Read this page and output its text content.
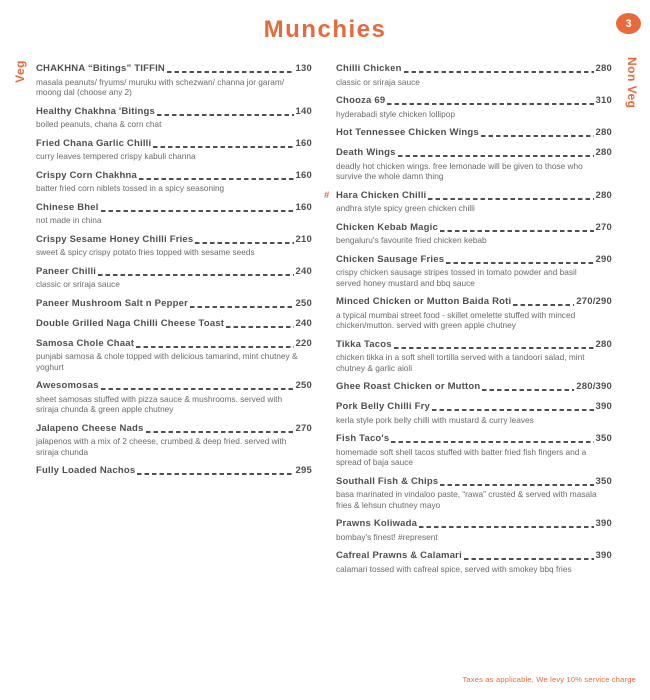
Munchies	3
Veg	Non Veg
CHAKHNA “Bitings” TIFFIN	130
masala peanuts/ fryums/ muruku with schezwan/ channa jor garam/ moong dal (choose any 2)
Healthy Chakhna 'Bitings	140
boiled peanuts, chana & corn chat
Fried Chana Garlic Chilli	160
curry leaves tempered crispy kabuli channa
Crispy Corn Chakhna	160
batter fried corn niblets tossed in a spicy seasoning
Chinese Bhel	160
not made in china
Crispy Sesame Honey Chilli Fries	210
sweet & spicy crispy potato fries topped with sesame seeds
Paneer Chilli	240
classic or sriraja sauce
Paneer Mushroom Salt n Pepper	250
Double Grilled Naga Chilli Cheese Toast	240
Samosa Chole Chaat	220
punjabi samosa & chole topped with delicious tamarind, mint chutney & yoghurt
Awesomosas	250
sheet samosas stuffed with pizza sauce & mushrooms. served with sriraja chunda & green apple chutney
Jalapeno Cheese Nads	270
jalapenos with a mix of 2 cheese, crumbed & deep fried. served with sriraja chunda
Fully Loaded Nachos	295
Chilli Chicken	280
classic or sriraja sauce
Chooza 69	310
hyderabadi style chicken lollipop
Hot Tennessee Chicken Wings	280
Death Wings	280
deadly hot chicken wings. free lemonade will be given to those who survive the whole damn thing
# Hara Chicken Chilli	280
andhra style spicy green chicken chilli
Chicken Kebab Magic	270
bengaluru's favourite fried chicken kebab
Chicken Sausage Fries	290
crispy chicken sausage stripes tossed in tomato powder and basil served honey mustard and bbq sauce
Minced Chicken or Mutton Baida Roti	270/290
a typical mumbai street food - skillet omelette stuffed with minced chicken/mutton. served with green apple chutney
Tikka Tacos	280
chicken tikka in a soft shell tortilla served with a tandoori salad, mint chutney & garlic aioli
Ghee Roast Chicken or Mutton	280/390
Pork Belly Chilli Fry	390
kerla style pork belly chilli with mustard & curry leaves
Fish Taco's	350
homemade soft shell tacos stuffed with batter fried fish fingers and a spread of baja sauce
Southall Fish & Chips	350
basa marinated in vindaloo paste, “rawa” crusted & served with masala fries & lehsun chutney mayo
Prawns Koliwada	390
bombay's finest! #represent
Cafreal Prawns & Calamari	390
calamari tossed with cafreal spice, served with smokey bbq fries
Taxes as applicable, We levy 10% service charge
